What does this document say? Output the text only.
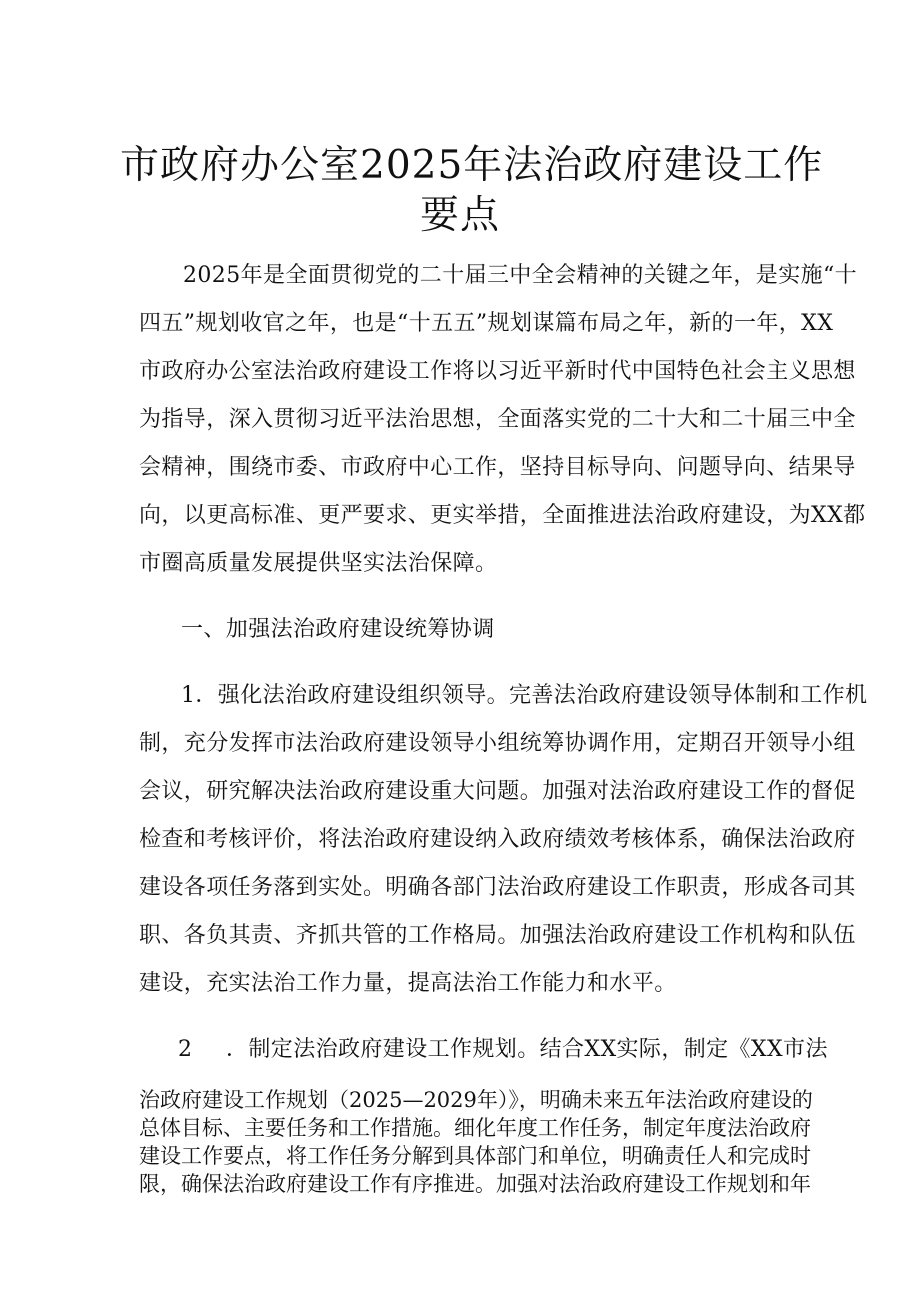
市政府办公室2025年法治政府建设工作
要点

2025年是全面贯彻党的二十届三中全会精神的关键之年，是实施“十

四五”规划收官之年，也是“十五五”规划谋篇布局之年，新的一年，XX

市政府办公室法治政府建设工作将以习近平新时代中国特色社会主义思想

为指导，深入贯彻习近平法治思想，全面落实党的二十大和二十届三中全

会精神，围绕市委、市政府中心工作，坚持目标导向、问题导向、结果导

向，以更高标准、更严要求、更实举措，全面推进法治政府建设，为XX都

市圈高质量发展提供坚实法治保障。

一、加强法治政府建设统筹协调

1．强化法治政府建设组织领导。完善法治政府建设领导体制和工作机

制，充分发挥市法治政府建设领导小组统筹协调作用，定期召开领导小组

会议，研究解决法治政府建设重大问题。加强对法治政府建设工作的督促

检查和考核评价，将法治政府建设纳入政府绩效考核体系，确保法治政府

建设各项任务落到实处。明确各部门法治政府建设工作职责，形成各司其

职、各负其责、齐抓共管的工作格局。加强法治政府建设工作机构和队伍

建设，充实法治工作力量，提高法治工作能力和水平。

2 ．制定法治政府建设工作规划。结合XX实际，制定《XX市法

治政府建设工作规划（2025—2029年）》，明确未来五年法治政府建设的

总体目标、主要任务和工作措施。细化年度工作任务，制定年度法治政府

建设工作要点，将工作任务分解到具体部门和单位，明确责任人和完成时

限，确保法治政府建设工作有序推进。加强对法治政府建设工作规划和年
